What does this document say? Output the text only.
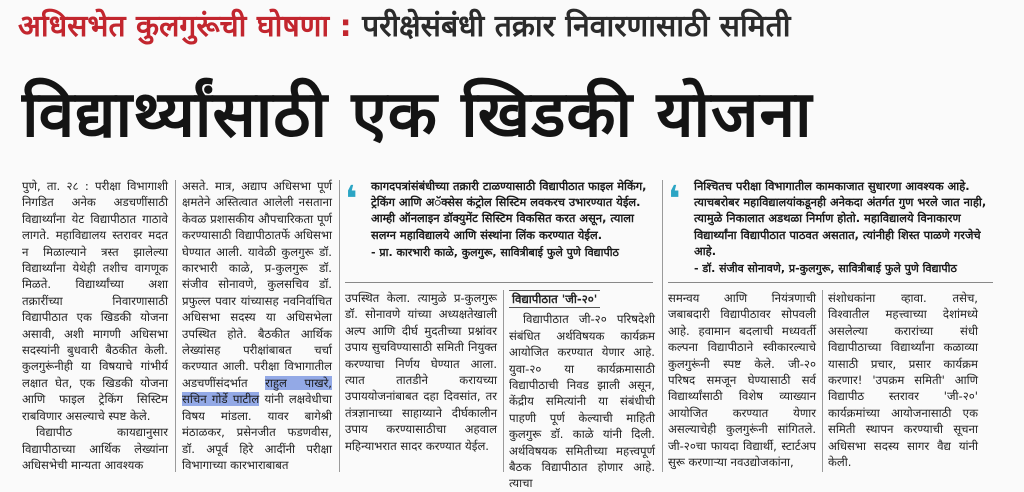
अधिसभेत कुलगुरूंची घोषणा : परीक्षेसंबंधी तक्रार निवारणासाठी समिती
विद्यार्थ्यांसाठी एक खिडकी योजना

पुणे, ता. २८ : परीक्षा विभागाशी निगडित अनेक अडचणींसाठी विद्यार्थ्यांना येट विद्यापीठात गाठावे लागते. महाविद्यालय स्तरावर मदत न मिळाल्याने त्रस्त झालेल्या विद्यार्थ्यांना येथेही तशीच वागणूक मिळते. विद्यार्थ्यांच्या अशा तक्रारींच्या निवारणासाठी विद्यापीठात एक खिडकी योजना असावी, अशी मागणी अधिसभा सदस्यांनी बुधवारी बैठकीत केली. कुलगुरूंनीही या विषयाचे गांभीर्य लक्षात घेत, एक खिडकी योजना आणि फाइल ट्रेकिंग सिस्टिम राबविणार असल्याचे स्पष्ट केले.

विद्यापीठ कायद्यानुसार विद्यापीठाच्या आर्थिक लेख्यांना अधिसभेची मान्यता आवश्यक

असते. मात्र, अद्याप अधिसभा पूर्ण क्षमतेने अस्तित्वात आलेली नसताना केवळ प्रशासकीय औपचारिकता पूर्ण करण्यासाठी विद्यापीठातर्फे अधिसभा घेण्यात आली. यावेळी कुलगुरू डॉ. कारभारी काळे, प्र-कुलगुरू डॉ. संजीव सोनावणे, कुलसचिव डॉ. प्रफुल्ल पवार यांच्यासह नवनिर्वाचित अधिसभा सदस्य या अधिसभेला उपस्थित होते. बैठकीत आर्थिक लेख्यांसह परीक्षांबाबत चर्चा करण्यात आली. परीक्षा विभागातील अडचणींसंदर्भात राहुल पाखरे, सचिन गोर्डे पाटील यांनी लक्षवेधीचा विषय मांडला. यावर बागेश्री मंठाळकर, प्रसेनजीत फडणवीस, डॉ. अपूर्व हिरे आदींनी परीक्षा विभागाच्या कारभाराबाबत

❛ कागदपत्रांसंबंधीच्या तक्रारी टाळण्यासाठी विद्यापीठात फाइल मेकिंग, ट्रेकिंग आणि अॅक्सेस कंट्रोल सिस्टिम लवकरच उभारण्यात येईल. आम्ही ऑनलाइन डॉक्युमेंट सिस्टिम विकसित करत असून, त्याला सलग्न महाविद्यालये आणि संस्थांना लिंक करण्यात येईल.
- प्रा. कारभारी काळे, कुलगुरू, सावित्रीबाई फुले पुणे विद्यापीठ

उपस्थित केला. त्यामुळे प्र-कुलगुरू डॉ. सोनावणे यांच्या अध्यक्षतेखाली अल्प आणि दीर्घ मुदतीच्या प्रश्नांवर उपाय सुचविण्यासाठी समिती नियुक्त करण्याचा निर्णय घेण्यात आला. त्यात तातडीने करायच्या उपाययोजनांबाबत दहा दिवसांत, तर तंत्रज्ञानाच्या साहाय्याने दीर्घकालीन उपाय करण्यासाठीचा अहवाल महिन्याभरात सादर करण्यात येईल.

विद्यापीठात 'जी-२०'

विद्यापीठात जी-२० परिषदेशी संबंधित अर्थविषयक कार्यक्रम आयोजित करण्यात येणार आहे. युवा-२० या कार्यक्रमासाठी विद्यापीठाची निवड झाली असून, केंद्रीय समित्यांनी या संबंधीची पाहणी पूर्ण केल्याची माहिती कुलगुरू डॉ. काळे यांनी दिली. अर्थविषयक समितीच्या महत्त्वपूर्ण बैठक विद्यापीठात होणार आहे. त्याचा

❛ निश्चितच परीक्षा विभागातील कामकाजात सुधारणा आवश्यक आहे. त्याचबरोबर महाविद्यालयांकडूनही अनेकदा अंतर्गत गुण भरले जात नाही, त्यामुळे निकालात अडथळा निर्माण होतो. महाविद्यालये विनाकारण विद्यार्थ्यांना विद्यापीठात पाठवत असतात, त्यांनीही शिस्त पाळणे गरजेचे आहे.
- डॉ. संजीव सोनावणे, प्र-कुलगुरू, सावित्रीबाई फुले पुणे विद्यापीठ

समन्वय आणि नियंत्रणाची जबाबदारी विद्यापीठावर सोपवली आहे. हवामान बदलाची मध्यवर्ती कल्पना विद्यापीठाने स्वीकारल्याचे कुलगुरूंनी स्पष्ट केले. जी-२० परिषद समजून घेण्यासाठी सर्व विद्यार्थ्यांसाठी विशेष व्याख्यान आयोजित करण्यात येणार असल्याचेही कुलगुरूंनी सांगितले. जी-२०चा फायदा विद्यार्थी, स्टार्टअप सुरू करणाऱ्या नवउद्योजकांना,

संशोधकांना व्हावा. तसेच, विश्वातील महत्त्वाच्या देशांमध्ये असलेल्या करारांच्या संधी विद्यापीठाच्या विद्यार्थ्यांना कळाव्या यासाठी प्रचार, प्रसार कार्यक्रम करणार! 'उपक्रम समिती' आणि विद्यापीठ स्तरावर 'जी-२०' कार्यक्रमांच्या आयोजनासाठी एक समिती स्थापन करण्याची सूचना अधिसभा सदस्य सागर वैद्य यांनी केली.
